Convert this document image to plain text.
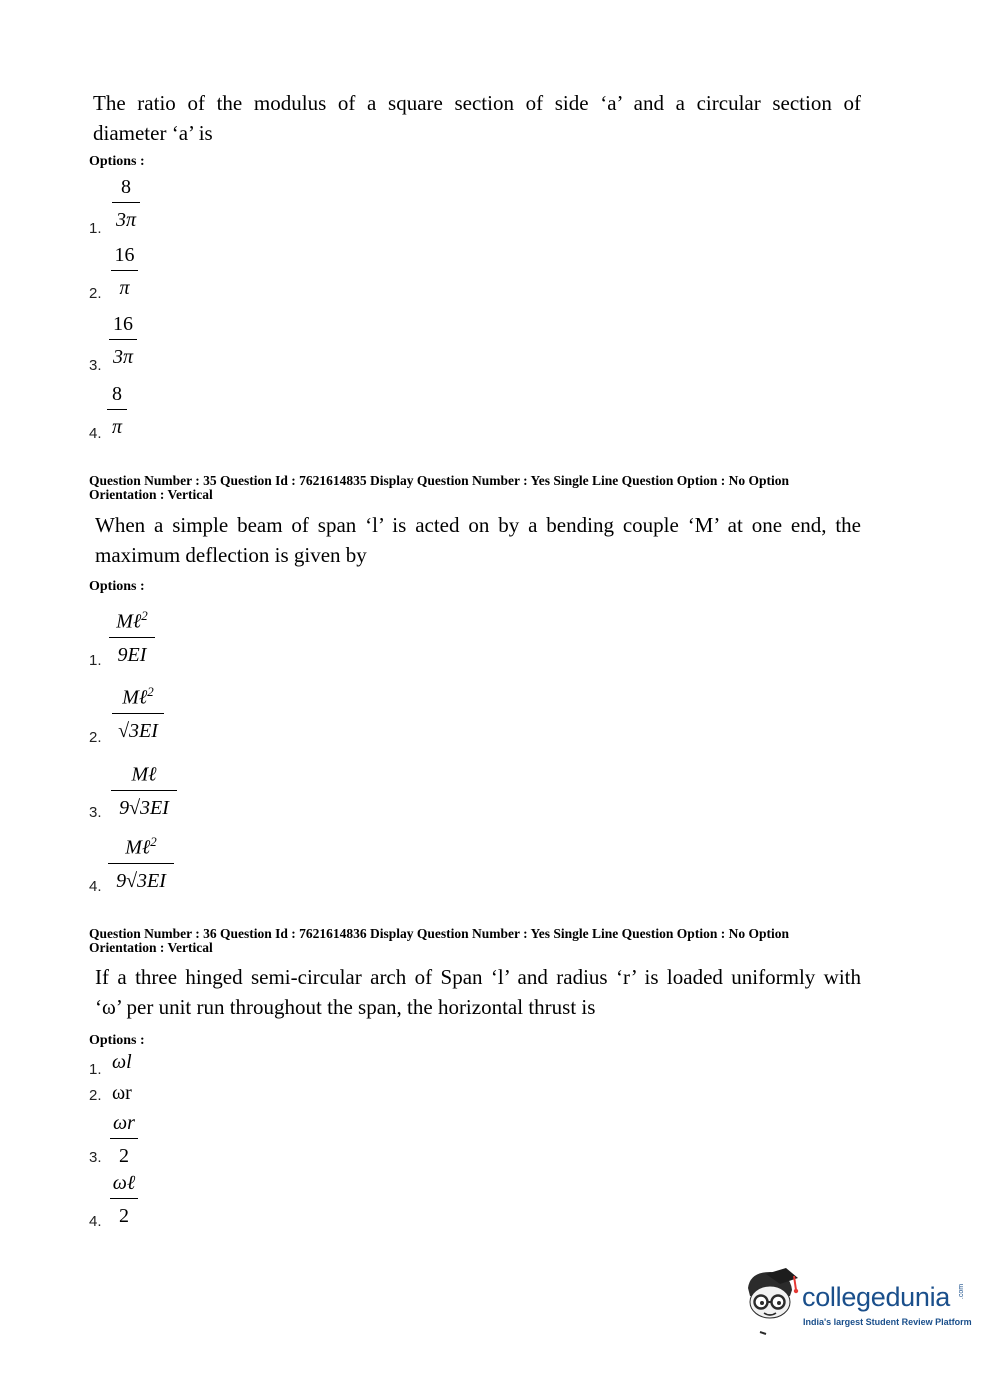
The ratio of the modulus of a square section of side ‘a’ and a circular section of
diameter ‘a’ is
Options :
1.
8
3π
2.
16
π
3.
16
3π
4.
8
π
Question Number : 35 Question Id : 7621614835 Display Question Number : Yes Single Line Question Option : No Option
Orientation : Vertical
When a simple beam of span ‘l’ is acted on by a bending couple ‘M’ at one end, the
maximum deflection is given by
Options :
1.
Mℓ$^2$
9EI
2.
Mℓ$^2$
√3EI
3.
Mℓ
9√3EI
4.
Mℓ$^2$
9√3EI
Question Number : 36 Question Id : 7621614836 Display Question Number : Yes Single Line Question Option : No Option
Orientation : Vertical
If a three hinged semi-circular arch of Span ‘l’ and radius ‘r’ is loaded uniformly with
‘ω’ per unit run throughout the span, the horizontal thrust is
Options :
1. ωl
2. ωr
3.
ωr
2
4.
ωℓ
2
collegedunia .com
India's largest Student Review Platform
